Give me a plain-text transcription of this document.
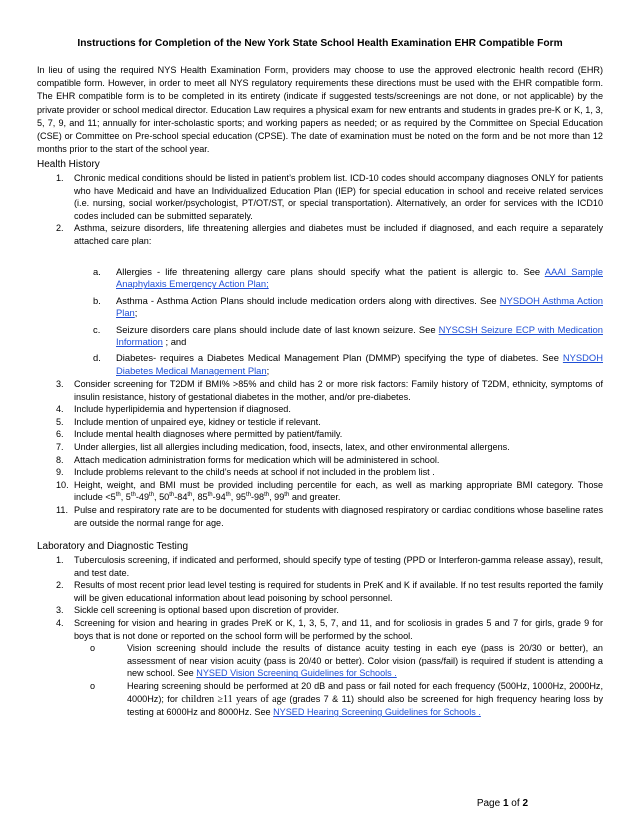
Instructions for Completion of the New York State School Health Examination EHR Compatible Form
In lieu of using the required NYS Health Examination Form, providers may choose to use the approved electronic health record (EHR) compatible form. However, in order to meet all NYS regulatory requirements these directions must be used with the EHR compatible form. The EHR compatible form is to be completed in its entirety (indicate if suggested tests/screenings are not done, or not applicable) by the private provider or school medical director. Education Law requires a physical exam for new entrants and students in grades pre-K or K, 1, 3, 5, 7, 9, and 11; annually for inter-scholastic sports; and working papers as needed; or as required by the Committee on Special Education (CSE) or Committee on Pre-school special education (CPSE). The date of examination must be noted on the form and be not more than 12 months prior to the start of the school year.
Health History
1. Chronic medical conditions should be listed in patient’s problem list. ICD-10 codes should accompany diagnoses ONLY for patients who have Medicaid and have an Individualized Education Plan (IEP) for special education in school and receive related services (i.e. nursing, social worker/psychologist, PT/OT/ST, or special transportation). Alternatively, an order for services with the ICD10 codes included can be submitted separately.
2. Asthma, seizure disorders, life threatening allergies and diabetes must be included if diagnosed, and each require a separately attached care plan:
a. Allergies - life threatening allergy care plans should specify what the patient is allergic to. See AAAI Sample Anaphylaxis Emergency Action Plan;
b. Asthma - Asthma Action Plans should include medication orders along with directives. See NYSDOH Asthma Action Plan;
c. Seizure disorders care plans should include date of last known seizure. See NYSCSH Seizure ECP with Medication Information ; and
d. Diabetes- requires a Diabetes Medical Management Plan (DMMP) specifying the type of diabetes. See NYSDOH Diabetes Medical Management Plan;
3. Consider screening for T2DM if BMI% >85% and child has 2 or more risk factors: Family history of T2DM, ethnicity, symptoms of insulin resistance, history of gestational diabetes in the mother, and/or pre-diabetes.
4. Include hyperlipidemia and hypertension if diagnosed.
5. Include mention of unpaired eye, kidney or testicle if relevant.
6. Include mental health diagnoses where permitted by patient/family.
7. Under allergies, list all allergies including medication, food, insects, latex, and other environmental allergens.
8. Attach medication administration forms for medication which will be administered in school.
9. Include problems relevant to the child’s needs at school if not included in the problem list .
10. Height, weight, and BMI must be provided including percentile for each, as well as marking appropriate BMI category. Those include <5th, 5th-49th, 50th-84th, 85th-94th, 95th-98th, 99th and greater.
11. Pulse and respiratory rate are to be documented for students with diagnosed respiratory or cardiac conditions whose baseline rates are outside the normal range for age.
Laboratory and Diagnostic Testing
1. Tuberculosis screening, if indicated and performed, should specify type of testing (PPD or Interferon-gamma release assay), result, and test date.
2. Results of most recent prior lead level testing is required for students in PreK and K if available. If no test results reported the family will be given educational information about lead poisoning by school personnel.
3. Sickle cell screening is optional based upon discretion of provider.
4. Screening for vision and hearing in grades PreK or K, 1, 3, 5, 7, and 11, and for scoliosis in grades 5 and 7 for girls, grade 9 for boys that is not done or reported on the school form will be performed by the school.
o	Vision screening should include the results of distance acuity testing in each eye (pass is 20/30 or better), an assessment of near vision acuity (pass is 20/40 or better). Color vision (pass/fail) is required if student is attending a new school. See NYSED Vision Screening Guidelines for Schools .
o	Hearing screening should be performed at 20 dB and pass or fail noted for each frequency (500Hz, 1000Hz, 2000Hz, 4000Hz); for children ≥11 years of age (grades 7 & 11) should also be screened for high frequency hearing loss by testing at 6000Hz and 8000Hz. See NYSED Hearing Screening Guidelines for Schools .
Page 1 of 2
